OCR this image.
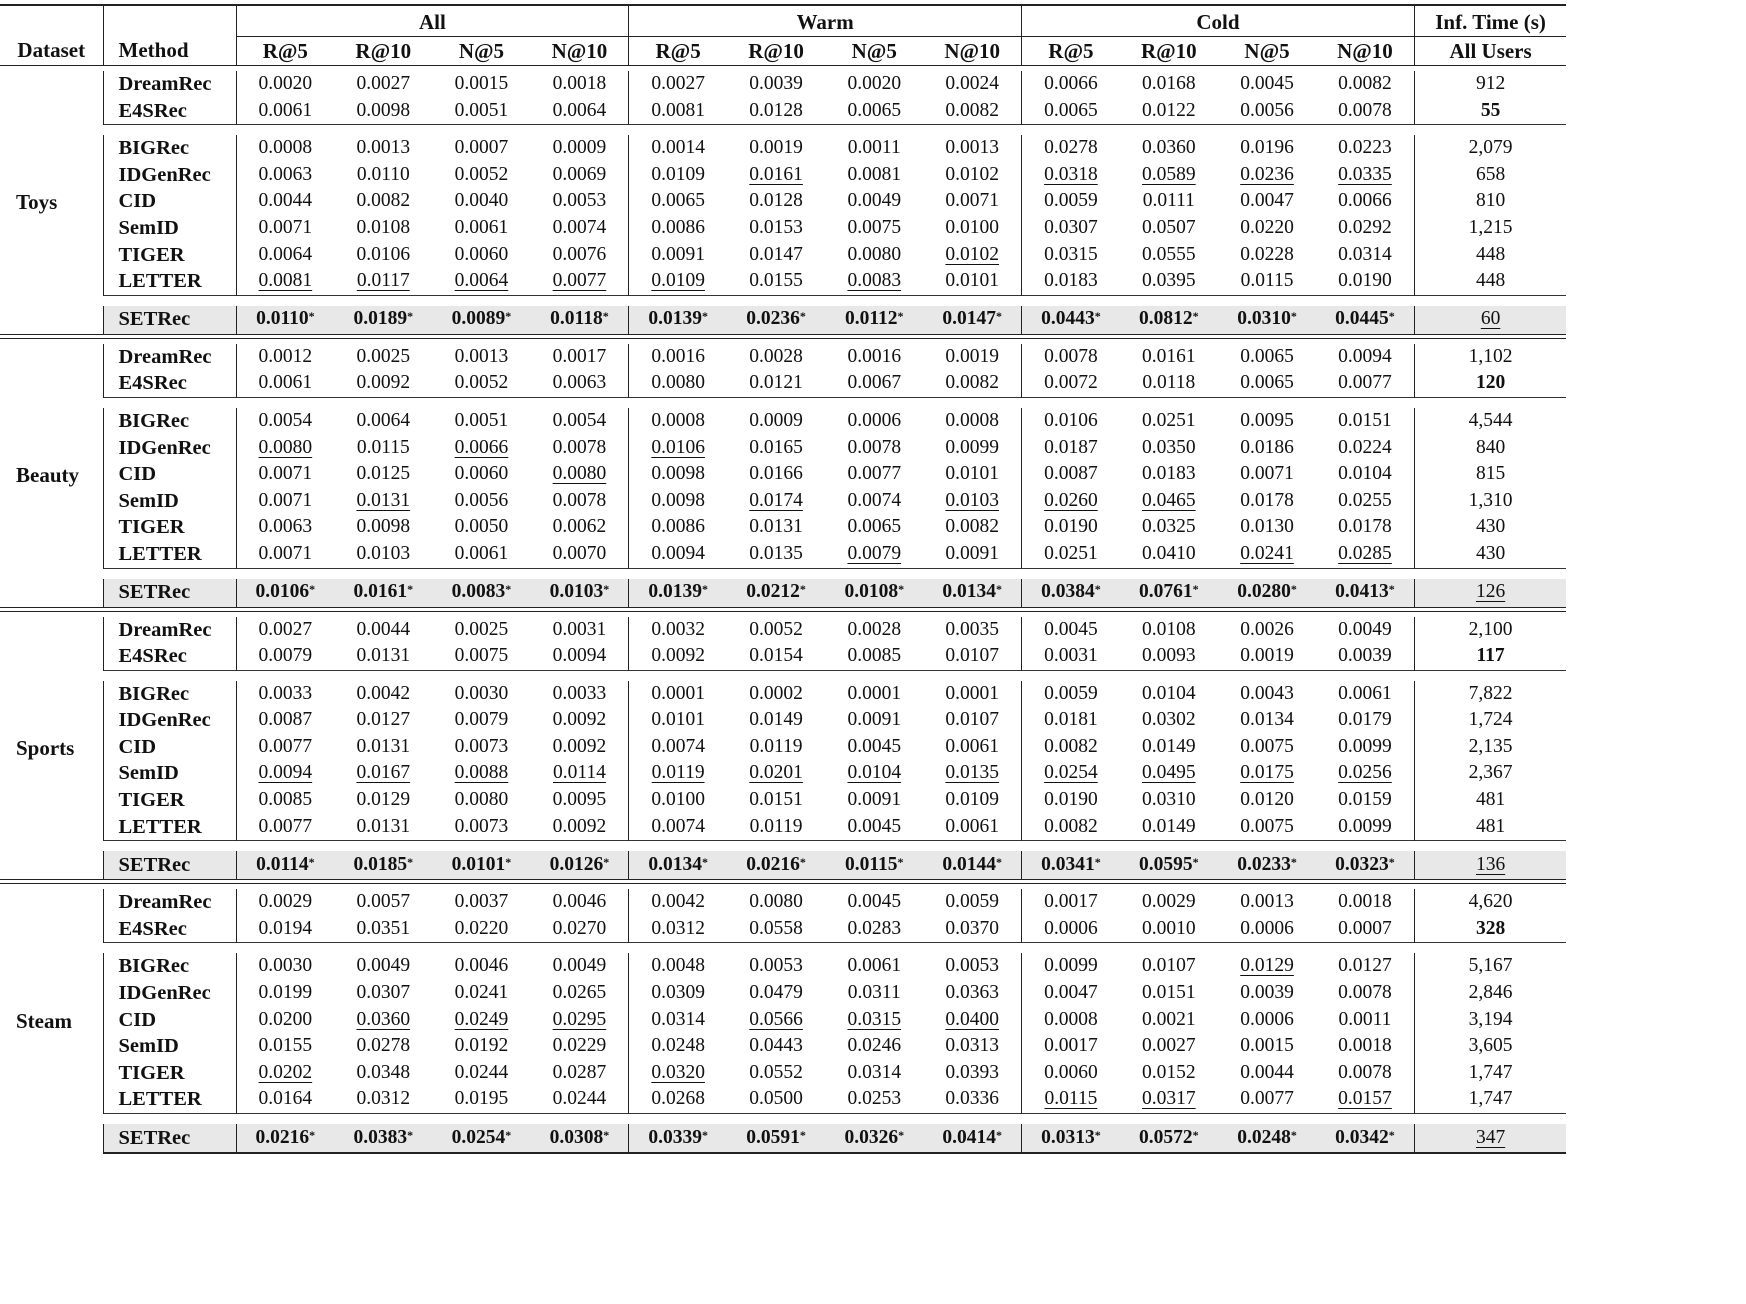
		All				Warm				Cold				Inf. Time (s)
Dataset	Method	R@5	R@10	N@5	N@10	R@5	R@10	N@5	N@10	R@5	R@10	N@5	N@10	All Users

Toys	DreamRec	0.0020	0.0027	0.0015	0.0018	0.0027	0.0039	0.0020	0.0024	0.0066	0.0168	0.0045	0.0082	912
	E4SRec	0.0061	0.0098	0.0051	0.0064	0.0081	0.0128	0.0065	0.0082	0.0065	0.0122	0.0056	0.0078	55

	BIGRec	0.0008	0.0013	0.0007	0.0009	0.0014	0.0019	0.0011	0.0013	0.0278	0.0360	0.0196	0.0223	2,079
	IDGenRec	0.0063	0.0110	0.0052	0.0069	0.0109	0.0161	0.0081	0.0102	0.0318	0.0589	0.0236	0.0335	658
	CID	0.0044	0.0082	0.0040	0.0053	0.0065	0.0128	0.0049	0.0071	0.0059	0.0111	0.0047	0.0066	810
	SemID	0.0071	0.0108	0.0061	0.0074	0.0086	0.0153	0.0075	0.0100	0.0307	0.0507	0.0220	0.0292	1,215
	TIGER	0.0064	0.0106	0.0060	0.0076	0.0091	0.0147	0.0080	0.0102	0.0315	0.0555	0.0228	0.0314	448
	LETTER	0.0081	0.0117	0.0064	0.0077	0.0109	0.0155	0.0083	0.0101	0.0183	0.0395	0.0115	0.0190	448

	SETRec	0.0110*	0.0189*	0.0089*	0.0118*	0.0139*	0.0236*	0.0112*	0.0147*	0.0443*	0.0812*	0.0310*	0.0445*	60

Beauty	DreamRec	0.0012	0.0025	0.0013	0.0017	0.0016	0.0028	0.0016	0.0019	0.0078	0.0161	0.0065	0.0094	1,102
	E4SRec	0.0061	0.0092	0.0052	0.0063	0.0080	0.0121	0.0067	0.0082	0.0072	0.0118	0.0065	0.0077	120

	BIGRec	0.0054	0.0064	0.0051	0.0054	0.0008	0.0009	0.0006	0.0008	0.0106	0.0251	0.0095	0.0151	4,544
	IDGenRec	0.0080	0.0115	0.0066	0.0078	0.0106	0.0165	0.0078	0.0099	0.0187	0.0350	0.0186	0.0224	840
	CID	0.0071	0.0125	0.0060	0.0080	0.0098	0.0166	0.0077	0.0101	0.0087	0.0183	0.0071	0.0104	815
	SemID	0.0071	0.0131	0.0056	0.0078	0.0098	0.0174	0.0074	0.0103	0.0260	0.0465	0.0178	0.0255	1,310
	TIGER	0.0063	0.0098	0.0050	0.0062	0.0086	0.0131	0.0065	0.0082	0.0190	0.0325	0.0130	0.0178	430
	LETTER	0.0071	0.0103	0.0061	0.0070	0.0094	0.0135	0.0079	0.0091	0.0251	0.0410	0.0241	0.0285	430

	SETRec	0.0106*	0.0161*	0.0083*	0.0103*	0.0139*	0.0212*	0.0108*	0.0134*	0.0384*	0.0761*	0.0280*	0.0413*	126

Sports	DreamRec	0.0027	0.0044	0.0025	0.0031	0.0032	0.0052	0.0028	0.0035	0.0045	0.0108	0.0026	0.0049	2,100
	E4SRec	0.0079	0.0131	0.0075	0.0094	0.0092	0.0154	0.0085	0.0107	0.0031	0.0093	0.0019	0.0039	117

	BIGRec	0.0033	0.0042	0.0030	0.0033	0.0001	0.0002	0.0001	0.0001	0.0059	0.0104	0.0043	0.0061	7,822
	IDGenRec	0.0087	0.0127	0.0079	0.0092	0.0101	0.0149	0.0091	0.0107	0.0181	0.0302	0.0134	0.0179	1,724
	CID	0.0077	0.0131	0.0073	0.0092	0.0074	0.0119	0.0045	0.0061	0.0082	0.0149	0.0075	0.0099	2,135
	SemID	0.0094	0.0167	0.0088	0.0114	0.0119	0.0201	0.0104	0.0135	0.0254	0.0495	0.0175	0.0256	2,367
	TIGER	0.0085	0.0129	0.0080	0.0095	0.0100	0.0151	0.0091	0.0109	0.0190	0.0310	0.0120	0.0159	481
	LETTER	0.0077	0.0131	0.0073	0.0092	0.0074	0.0119	0.0045	0.0061	0.0082	0.0149	0.0075	0.0099	481

	SETRec	0.0114*	0.0185*	0.0101*	0.0126*	0.0134*	0.0216*	0.0115*	0.0144*	0.0341*	0.0595*	0.0233*	0.0323*	136

Steam	DreamRec	0.0029	0.0057	0.0037	0.0046	0.0042	0.0080	0.0045	0.0059	0.0017	0.0029	0.0013	0.0018	4,620
	E4SRec	0.0194	0.0351	0.0220	0.0270	0.0312	0.0558	0.0283	0.0370	0.0006	0.0010	0.0006	0.0007	328

	BIGRec	0.0030	0.0049	0.0046	0.0049	0.0048	0.0053	0.0061	0.0053	0.0099	0.0107	0.0129	0.0127	5,167
	IDGenRec	0.0199	0.0307	0.0241	0.0265	0.0309	0.0479	0.0311	0.0363	0.0047	0.0151	0.0039	0.0078	2,846
	CID	0.0200	0.0360	0.0249	0.0295	0.0314	0.0566	0.0315	0.0400	0.0008	0.0021	0.0006	0.0011	3,194
	SemID	0.0155	0.0278	0.0192	0.0229	0.0248	0.0443	0.0246	0.0313	0.0017	0.0027	0.0015	0.0018	3,605
	TIGER	0.0202	0.0348	0.0244	0.0287	0.0320	0.0552	0.0314	0.0393	0.0060	0.0152	0.0044	0.0078	1,747
	LETTER	0.0164	0.0312	0.0195	0.0244	0.0268	0.0500	0.0253	0.0336	0.0115	0.0317	0.0077	0.0157	1,747

	SETRec	0.0216*	0.0383*	0.0254*	0.0308*	0.0339*	0.0591*	0.0326*	0.0414*	0.0313*	0.0572*	0.0248*	0.0342*	347
